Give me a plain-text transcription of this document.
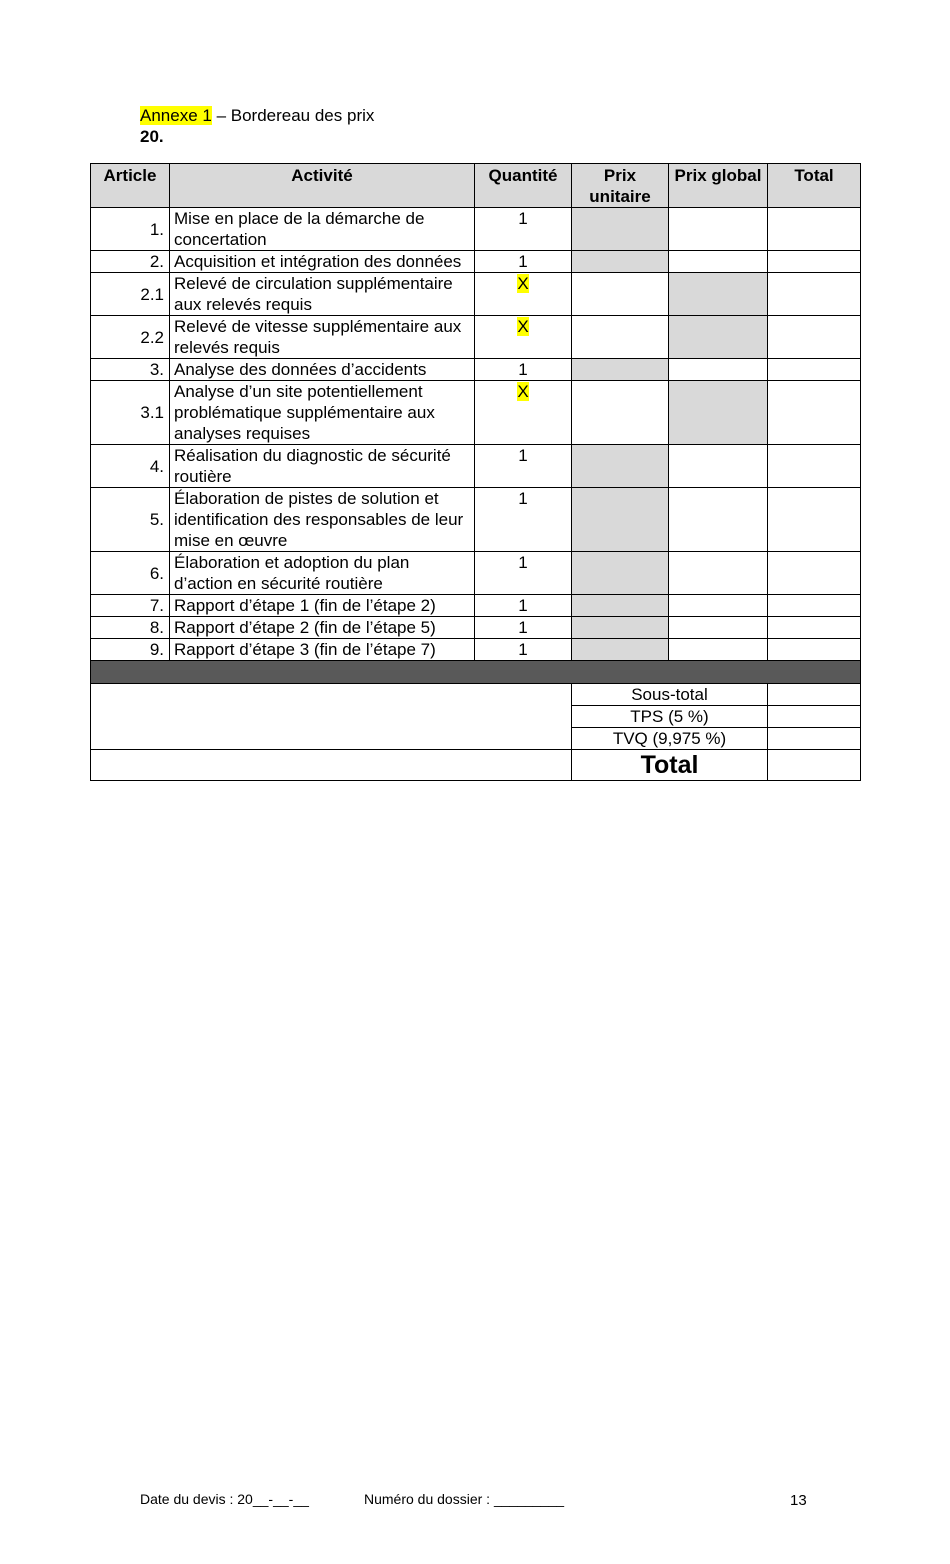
Annexe 1 – Bordereau des prix
20.
Article	Activité	Quantité	Prix unitaire	Prix global	Total
1.	Mise en place de la démarche de concertation	1			
2.	Acquisition et intégration des données	1			
2.1	Relevé de circulation supplémentaire aux relevés requis	X			
2.2	Relevé de vitesse supplémentaire aux relevés requis	X			
3.	Analyse des données d’accidents	1			
3.1	Analyse d’un site potentiellement problématique supplémentaire aux analyses requises	X			
4.	Réalisation du diagnostic de sécurité routière	1			
5.	Élaboration de pistes de solution et identification des responsables de leur mise en œuvre	1			
6.	Élaboration et adoption du plan d’action en sécurité routière	1			
7.	Rapport d’étape 1 (fin de l’étape 2)	1			
8.	Rapport d’étape 2 (fin de l’étape 5)	1			
9.	Rapport d’étape 3 (fin de l’étape 7)	1			

			Sous-total		
			TPS (5 %)		
			TVQ (9,975 %)		
			Total		
Date du devis : 20__-__-__	Numéro du dossier : _________	13
